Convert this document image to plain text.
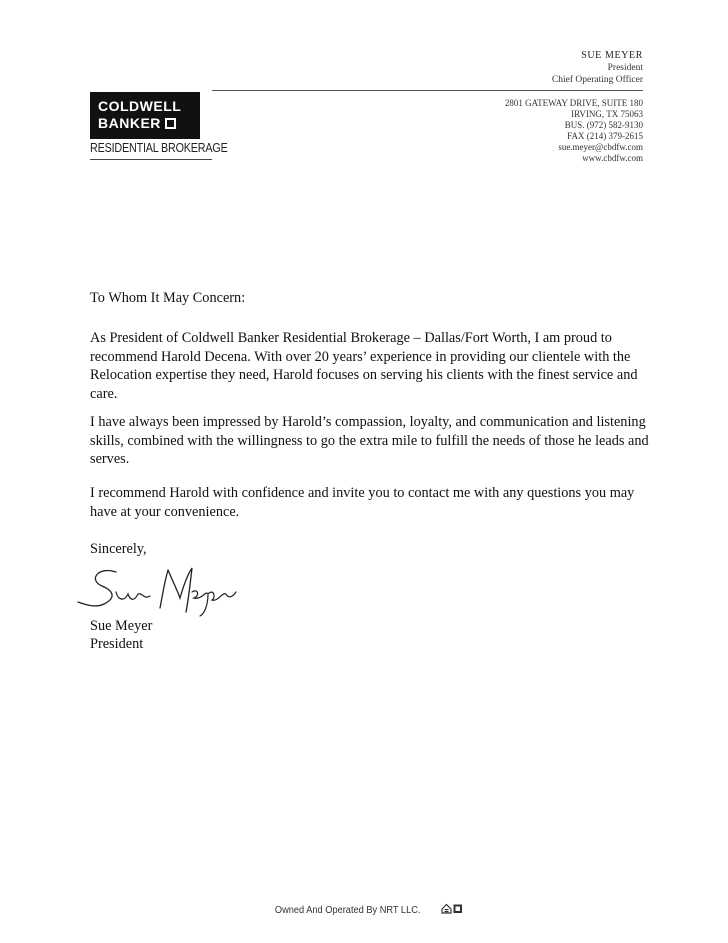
SUE MEYER
President
Chief Operating Officer
2801 GATEWAY DRIVE, SUITE 180
IRVING, TX 75063
BUS. (972) 582-9130
FAX (214) 379-2615
sue.meyer@cbdfw.com
www.cbdfw.com
COLDWELL
BANKER
RESIDENTIAL BROKERAGE
To Whom It May Concern:
As President of Coldwell Banker Residential Brokerage – Dallas/Fort Worth, I am proud to recommend Harold Decena. With over 20 years’ experience in providing our clientele with the Relocation expertise they need, Harold focuses on serving his clients with the finest service and care.
I have always been impressed by Harold’s compassion, loyalty, and communication and listening skills, combined with the willingness to go the extra mile to fulfill the needs of those he leads and serves.
I recommend Harold with confidence and invite you to contact me with any questions you may have at your convenience.
Sincerely,
Sue Meyer
President
Owned And Operated By NRT LLC.
